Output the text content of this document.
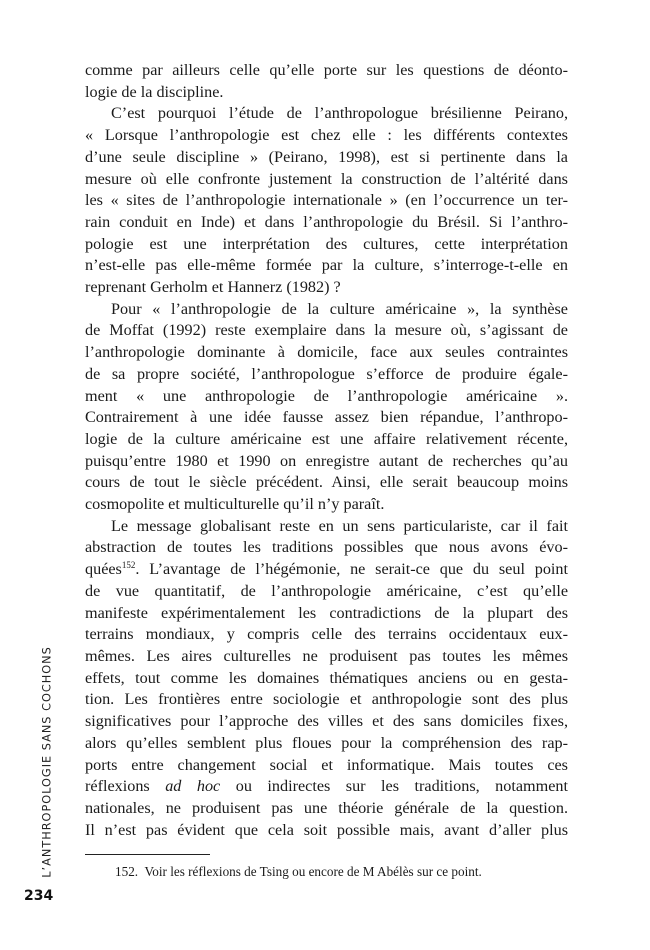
comme par ailleurs celle qu’elle porte sur les questions de déonto-
logie de la discipline.
C’est pourquoi l’étude de l’anthropologue brésilienne Peirano,
« Lorsque l’anthropologie est chez elle : les différents contextes
d’une seule discipline » (Peirano, 1998), est si pertinente dans la
mesure où elle confronte justement la construction de l’altérité dans
les « sites de l’anthropologie internationale » (en l’occurrence un ter-
rain conduit en Inde) et dans l’anthropologie du Brésil. Si l’anthro-
pologie est une interprétation des cultures, cette interprétation
n’est-elle pas elle-même formée par la culture, s’interroge-t-elle en
reprenant Gerholm et Hannerz (1982) ?
Pour « l’anthropologie de la culture américaine », la synthèse
de Moffat (1992) reste exemplaire dans la mesure où, s’agissant de
l’anthropologie dominante à domicile, face aux seules contraintes
de sa propre société, l’anthropologue s’efforce de produire égale-
ment « une anthropologie de l’anthropologie américaine ».
Contrairement à une idée fausse assez bien répandue, l’anthropo-
logie de la culture américaine est une affaire relativement récente,
puisqu’entre 1980 et 1990 on enregistre autant de recherches qu’au
cours de tout le siècle précédent. Ainsi, elle serait beaucoup moins
cosmopolite et multiculturelle qu’il n’y paraît.
Le message globalisant reste en un sens particulariste, car il fait
abstraction de toutes les traditions possibles que nous avons évo-
quées$^{152}$. L’avantage de l’hégémonie, ne serait-ce que du seul point
de vue quantitatif, de l’anthropologie américaine, c’est qu’elle
manifeste expérimentalement les contradictions de la plupart des
terrains mondiaux, y compris celle des terrains occidentaux eux-
mêmes. Les aires culturelles ne produisent pas toutes les mêmes
effets, tout comme les domaines thématiques anciens ou en gesta-
tion. Les frontières entre sociologie et anthropologie sont des plus
significatives pour l’approche des villes et des sans domiciles fixes,
alors qu’elles semblent plus floues pour la compréhension des rap-
ports entre changement social et informatique. Mais toutes ces
réflexions ad hoc ou indirectes sur les traditions, notamment
nationales, ne produisent pas une théorie générale de la question.
Il n’est pas évident que cela soit possible mais, avant d’aller plus
152. Voir les réflexions de Tsing ou encore de M Abélès sur ce point.
L’ANTHROPOLOGIE SANS COCHONS
234
